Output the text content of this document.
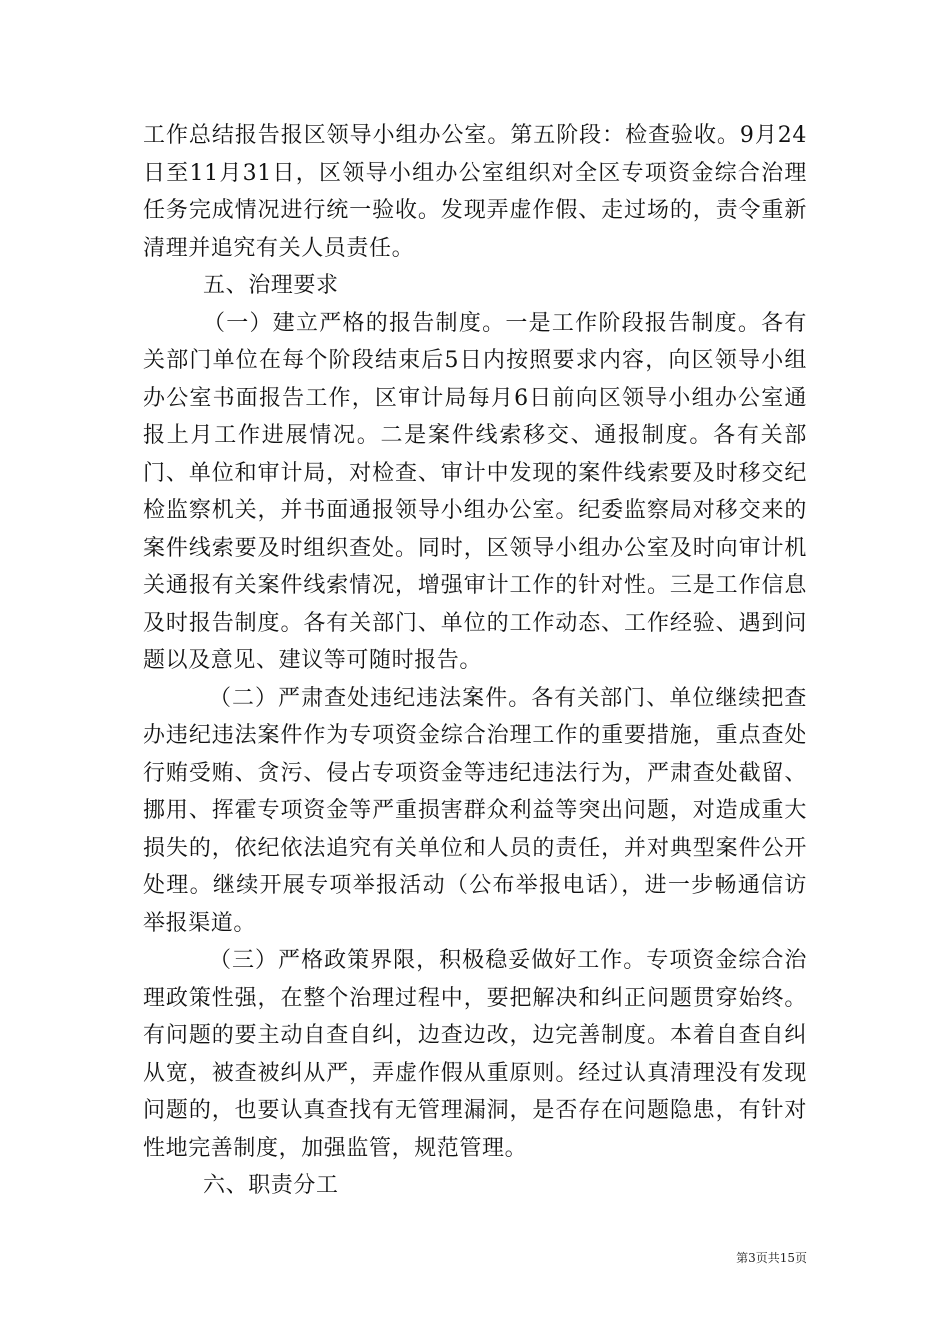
工作总结报告报区领导小组办公室。第五阶段：检查验收。9月24日至11月31日，区领导小组办公室组织对全区专项资金综合治理任务完成情况进行统一验收。发现弄虚作假、走过场的，责令重新清理并追究有关人员责任。

五、治理要求

（一）建立严格的报告制度。一是工作阶段报告制度。各有关部门单位在每个阶段结束后5日内按照要求内容，向区领导小组办公室书面报告工作，区审计局每月6日前向区领导小组办公室通报上月工作进展情况。二是案件线索移交、通报制度。各有关部门、单位和审计局，对检查、审计中发现的案件线索要及时移交纪检监察机关，并书面通报领导小组办公室。纪委监察局对移交来的案件线索要及时组织查处。同时，区领导小组办公室及时向审计机关通报有关案件线索情况，增强审计工作的针对性。三是工作信息及时报告制度。各有关部门、单位的工作动态、工作经验、遇到问题以及意见、建议等可随时报告。

（二）严肃查处违纪违法案件。各有关部门、单位继续把查办违纪违法案件作为专项资金综合治理工作的重要措施，重点查处行贿受贿、贪污、侵占专项资金等违纪违法行为，严肃查处截留、挪用、挥霍专项资金等严重损害群众利益等突出问题，对造成重大损失的，依纪依法追究有关单位和人员的责任，并对典型案件公开处理。继续开展专项举报活动（公布举报电话），进一步畅通信访举报渠道。

（三）严格政策界限，积极稳妥做好工作。专项资金综合治理政策性强，在整个治理过程中，要把解决和纠正问题贯穿始终。有问题的要主动自查自纠，边查边改，边完善制度。本着自查自纠从宽，被查被纠从严，弄虚作假从重原则。经过认真清理没有发现问题的，也要认真查找有无管理漏洞，是否存在问题隐患，有针对性地完善制度，加强监管，规范管理。

六、职责分工

第3页共15页
